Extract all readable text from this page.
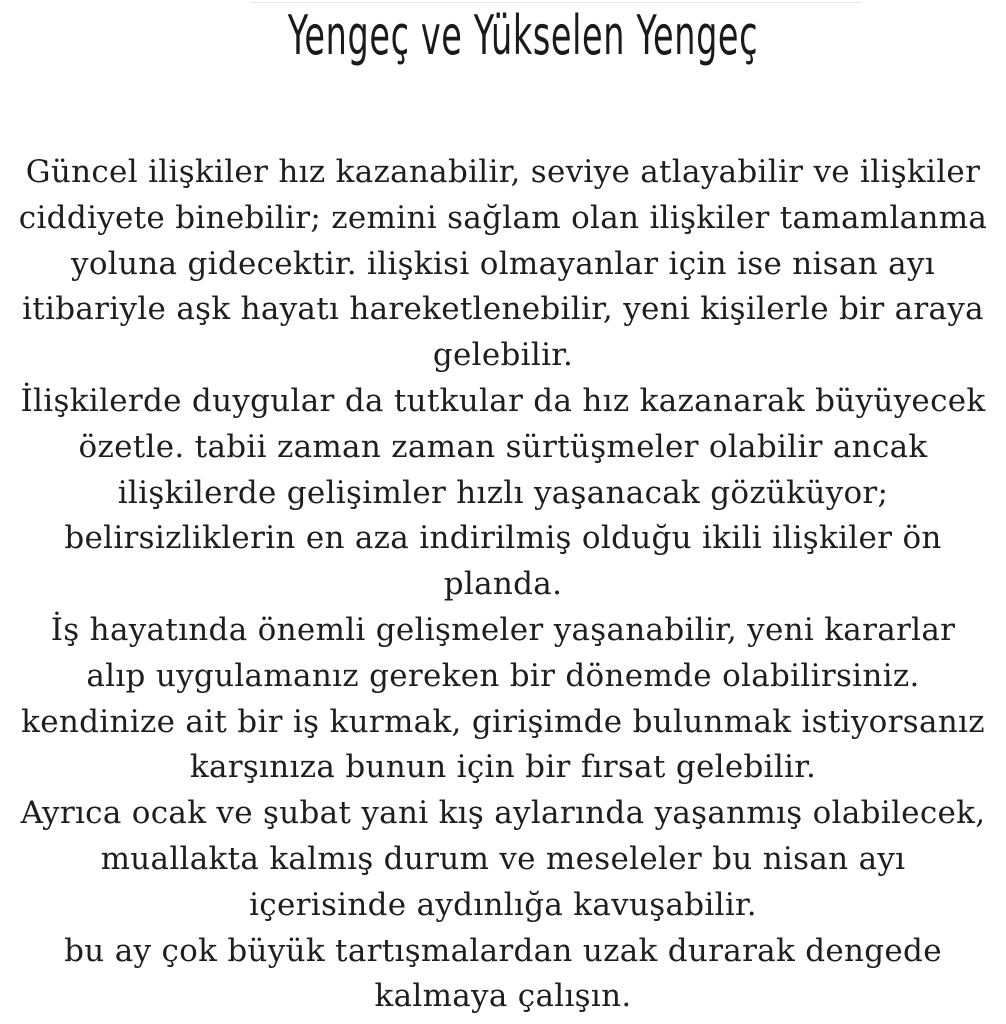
Yengeç ve Yükselen Yengeç
Güncel ilişkiler hız kazanabilir, seviye atlayabilir ve ilişkiler
ciddiyete binebilir; zemini sağlam olan ilişkiler tamamlanma
yoluna gidecektir. ilişkisi olmayanlar için ise nisan ayı
itibariyle aşk hayatı hareketlenebilir, yeni kişilerle bir araya
gelebilir.
İlişkilerde duygular da tutkular da hız kazanarak büyüyecek
özetle. tabii zaman zaman sürtüşmeler olabilir ancak
ilişkilerde gelişimler hızlı yaşanacak gözüküyor;
belirsizliklerin en aza indirilmiş olduğu ikili ilişkiler ön
planda.
İş hayatında önemli gelişmeler yaşanabilir, yeni kararlar
alıp uygulamanız gereken bir dönemde olabilirsiniz.
kendinize ait bir iş kurmak, girişimde bulunmak istiyorsanız
karşınıza bunun için bir fırsat gelebilir.
Ayrıca ocak ve şubat yani kış aylarında yaşanmış olabilecek,
muallakta kalmış durum ve meseleler bu nisan ayı
içerisinde aydınlığa kavuşabilir.
bu ay çok büyük tartışmalardan uzak durarak dengede
kalmaya çalışın.
